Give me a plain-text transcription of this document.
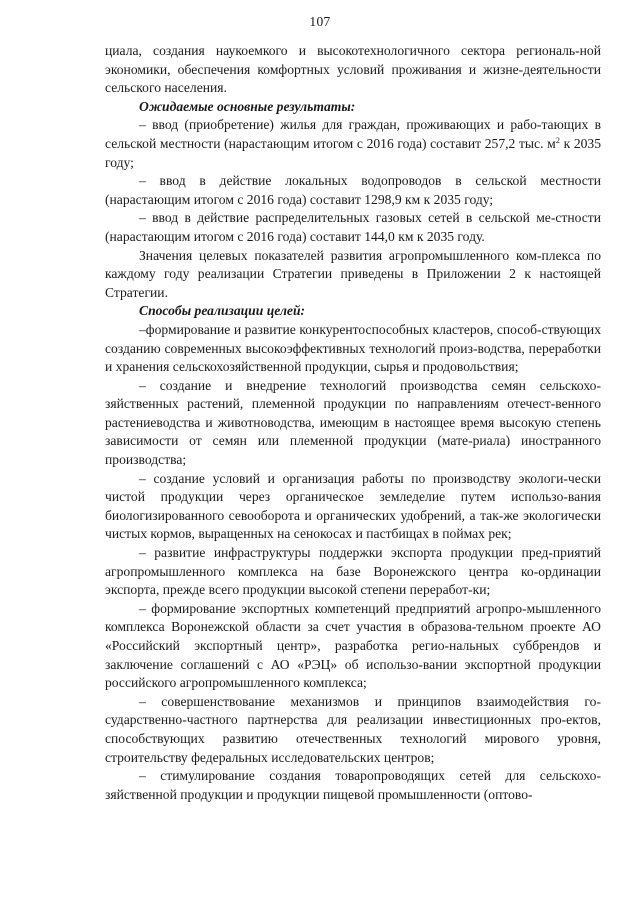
107

циала, создания наукоемкого и высокотехнологичного сектора региональ-ной экономики, обеспечения комфортных условий проживания и жизне-деятельности сельского населения.

Ожидаемые основные результаты:

– ввод (приобретение) жилья для граждан, проживающих и рабо-тающих в сельской местности (нарастающим итогом с 2016 года) составит 257,2 тыс. $м^2$ к 2035 году;

– ввод в действие локальных водопроводов в сельской местности (нарастающим итогом с 2016 года) составит 1298,9 км к 2035 году;

– ввод в действие распределительных газовых сетей в сельской ме-стности (нарастающим итогом с 2016 года) составит 144,0 км к 2035 году.

Значения целевых показателей развития агропромышленного ком-плекса по каждому году реализации Стратегии приведены в Приложении 2 к настоящей Стратегии.

Способы реализации целей:

–формирование и развитие конкурентоспособных кластеров, способ-ствующих созданию современных высокоэффективных технологий произ-водства, переработки и хранения сельскохозяйственной продукции, сырья и продовольствия;

– создание и внедрение технологий производства семян сельскохо-зяйственных растений, племенной продукции по направлениям отечест-венного растениеводства и животноводства, имеющим в настоящее время высокую степень зависимости от семян или племенной продукции (мате-риала) иностранного производства;

– создание условий и организация работы по производству экологи-чески чистой продукции через органическое земледелие путем использо-вания биологизированного севооборота и органических удобрений, а так-же экологически чистых кормов, выращенных на сенокосах и пастбищах в поймах рек;

– развитие инфраструктуры поддержки экспорта продукции пред-приятий агропромышленного комплекса на базе Воронежского центра ко-ординации экспорта, прежде всего продукции высокой степени переработ-ки;

– формирование экспортных компетенций предприятий агропро-мышленного комплекса Воронежской области за счет участия в образова-тельном проекте АО «Российский экспортный центр», разработка регио-нальных суббрендов и заключение соглашений с АО «РЭЦ» об использо-вании экспортной продукции российского агропромышленного комплекса;

– совершенствование механизмов и принципов взаимодействия го-сударственно-частного партнерства для реализации инвестиционных про-ектов, способствующих развитию отечественных технологий мирового уровня, строительству федеральных исследовательских центров;

– стимулирование создания товаропроводящих сетей для сельскохо-зяйственной продукции и продукции пищевой промышленности (оптово-
